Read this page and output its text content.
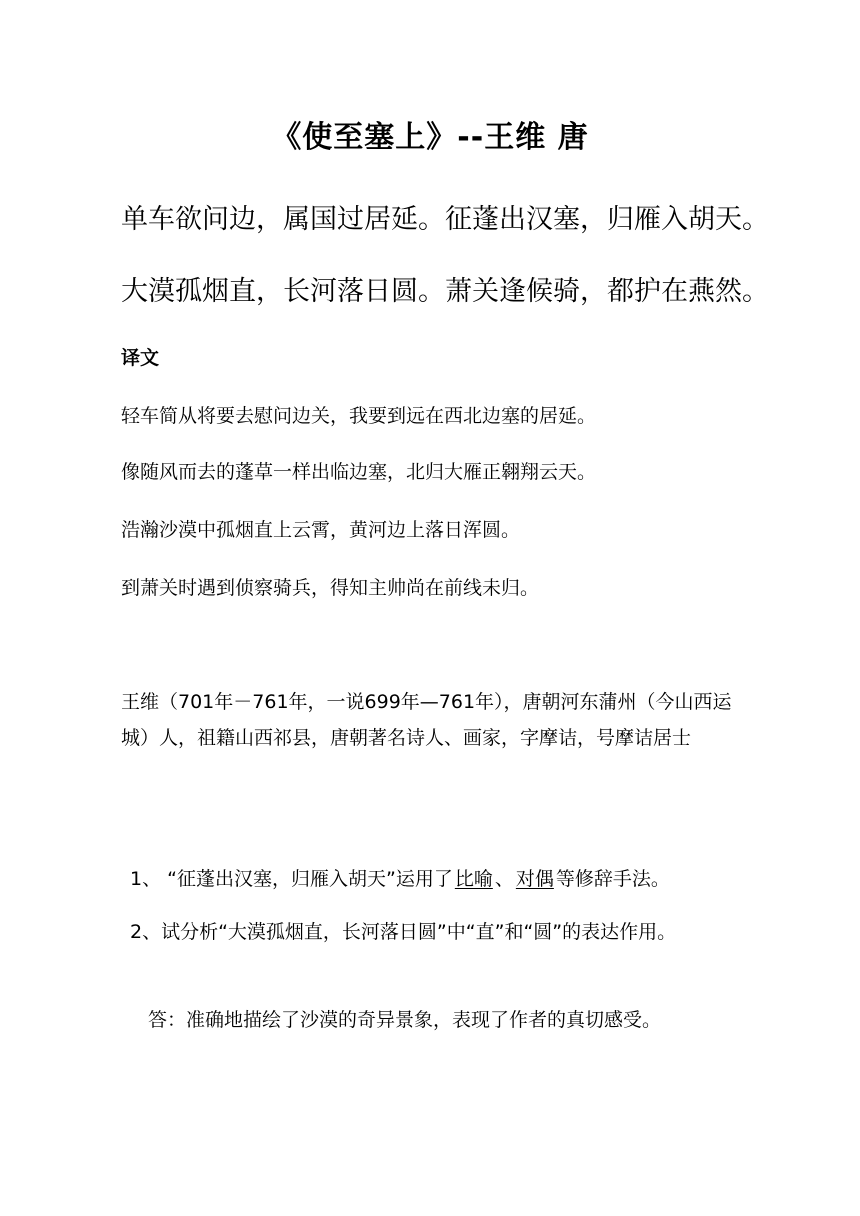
《使至塞上》--王维 唐
单车欲问边，属国过居延。征蓬出汉塞，归雁入胡天。
大漠孤烟直，长河落日圆。萧关逢候骑，都护在燕然。
译文
轻车简从将要去慰问边关，我要到远在西北边塞的居延。
像随风而去的蓬草一样出临边塞，北归大雁正翱翔云天。
浩瀚沙漠中孤烟直上云霄，黄河边上落日浑圆。
到萧关时遇到侦察骑兵，得知主帅尚在前线未归。
王维（701年－761年，一说699年—761年），唐朝河东蒲州（今山西运城）人，祖籍山西祁县，唐朝著名诗人、画家，字摩诘，号摩诘居士
1、 “征蓬出汉塞，归雁入胡天”运用了 比喻 、 对偶 等修辞手法。
2、试分析“大漠孤烟直，长河落日圆”中“直”和“圆”的表达作用。
答：准确地描绘了沙漠的奇异景象，表现了作者的真切感受。
